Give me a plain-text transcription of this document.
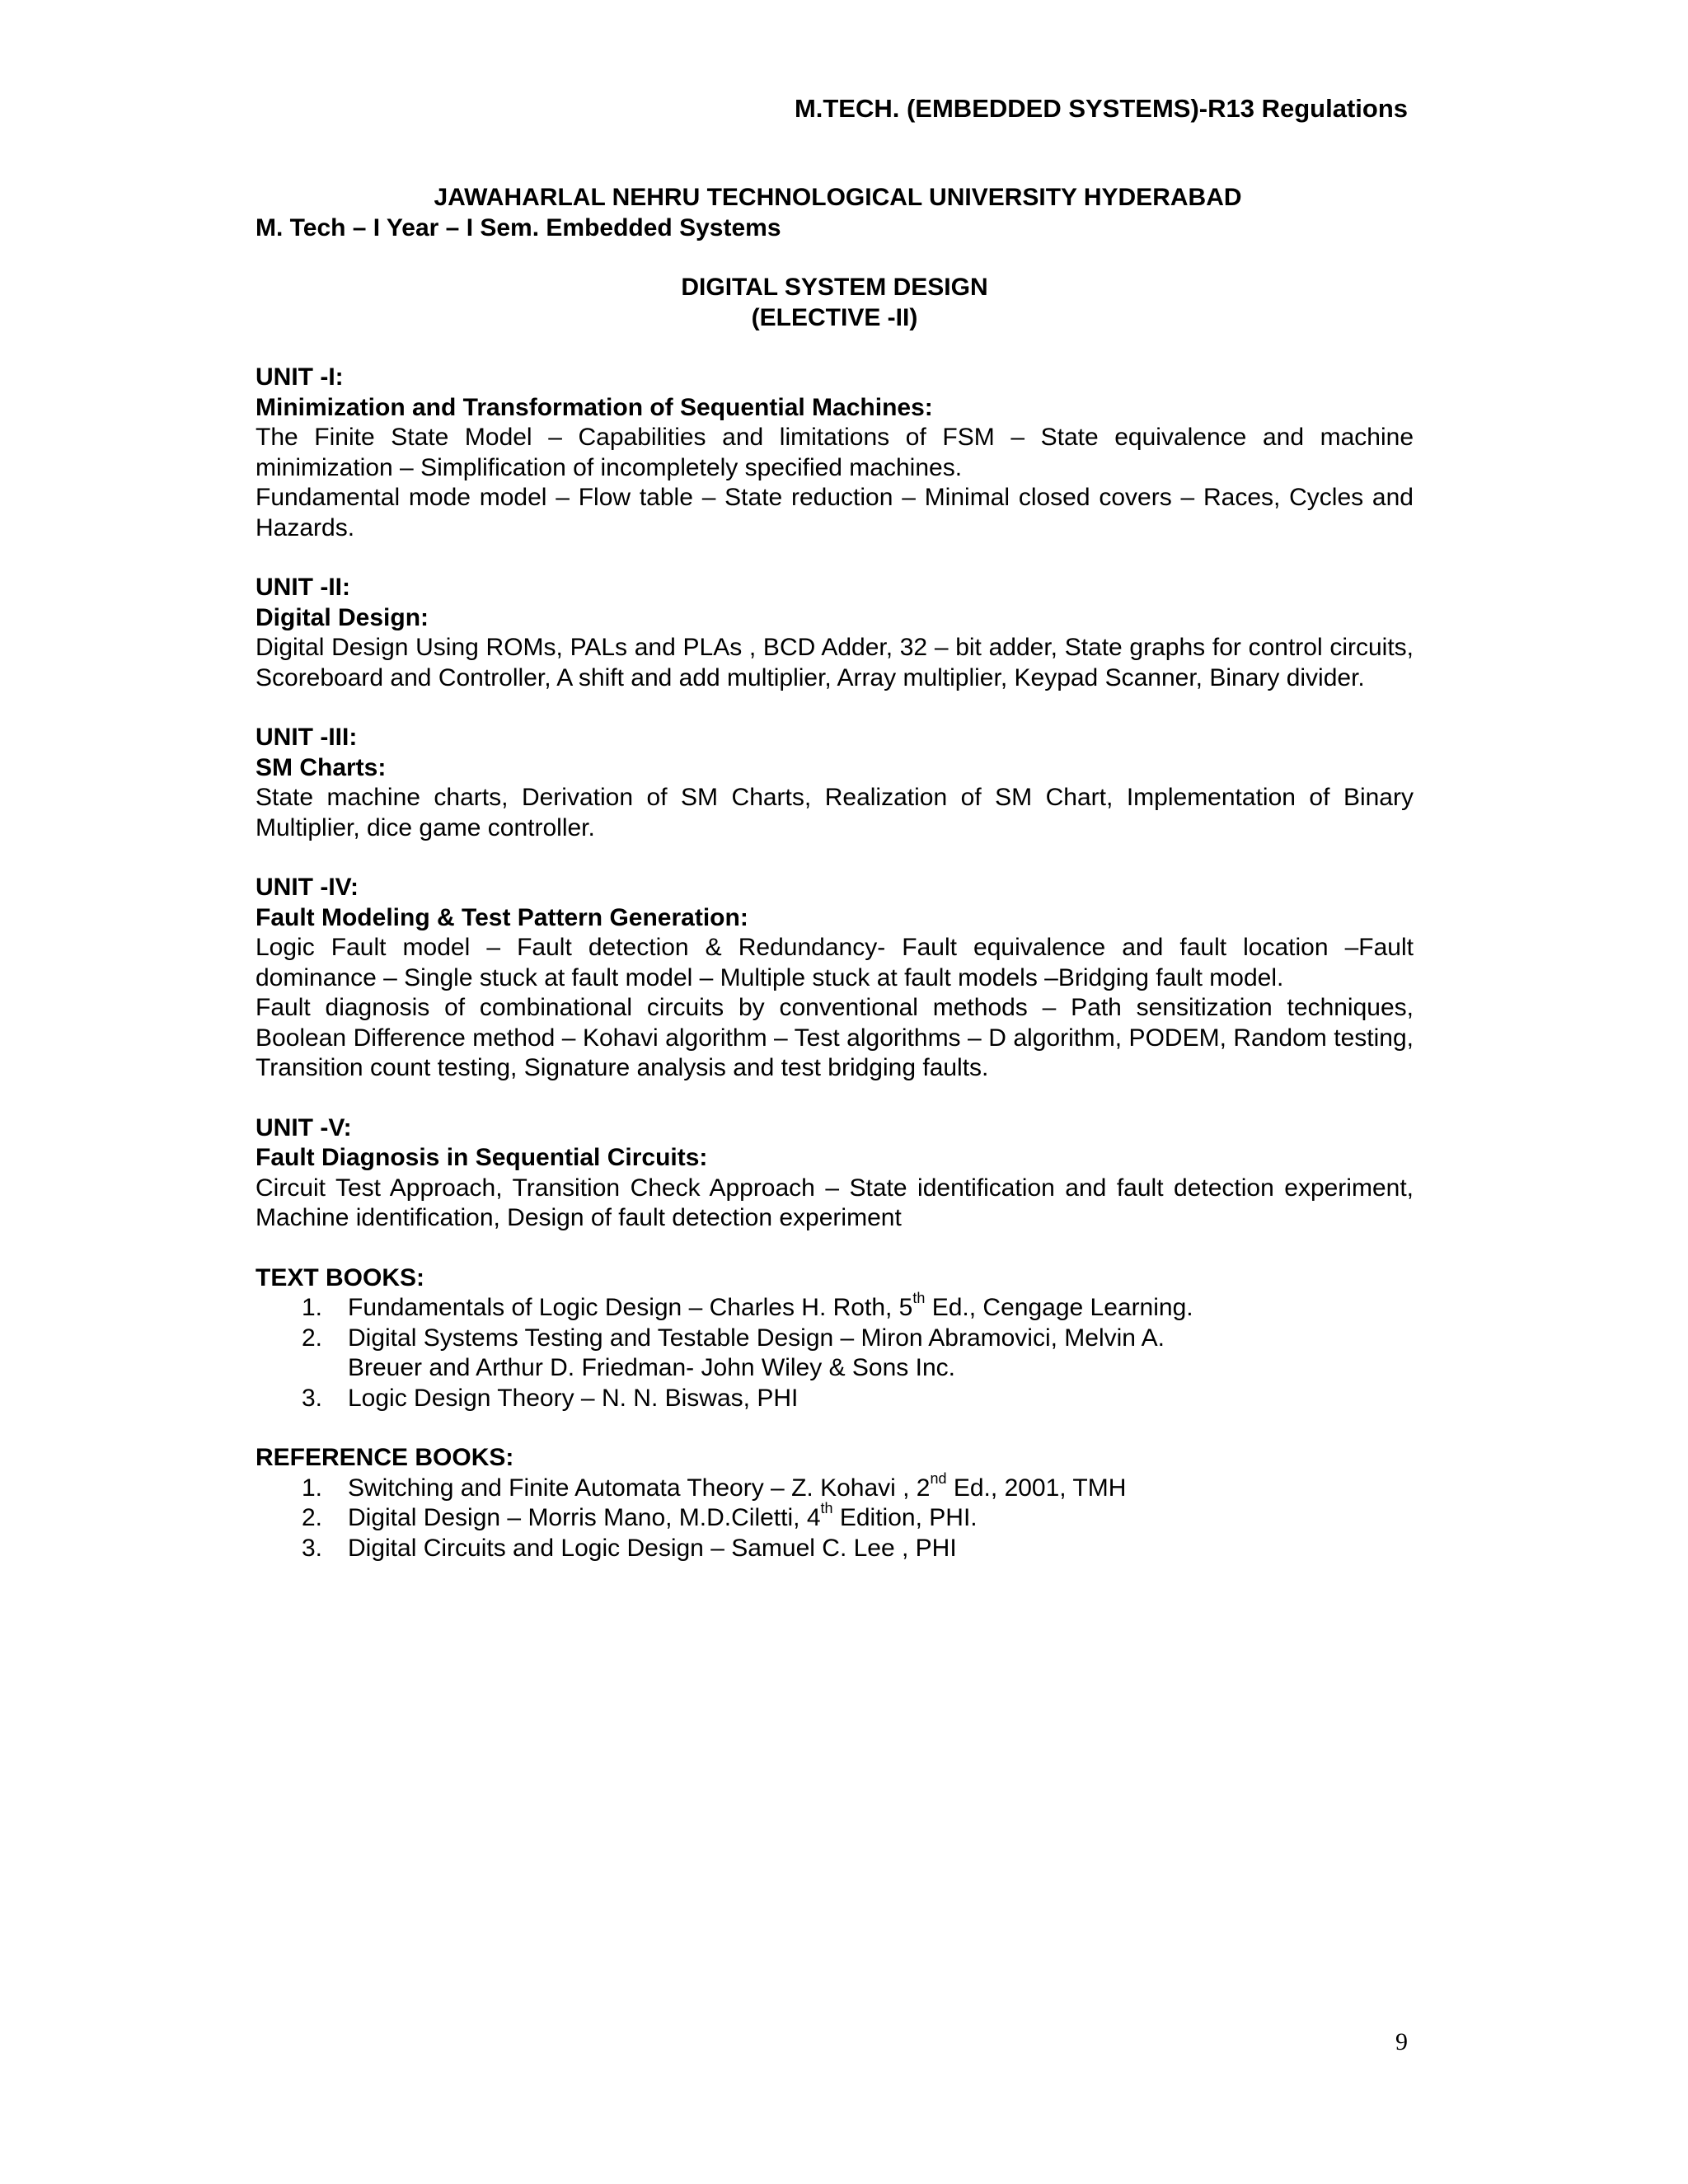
M.TECH. (EMBEDDED SYSTEMS)-R13 Regulations

JAWAHARLAL NEHRU TECHNOLOGICAL UNIVERSITY HYDERABAD

M. Tech – I Year – I Sem. Embedded Systems

DIGITAL SYSTEM DESIGN
(ELECTIVE -II)

UNIT -I:

Minimization and Transformation of Sequential Machines:

The Finite State Model – Capabilities and limitations of FSM – State equivalence and machine minimization – Simplification of incompletely specified machines.

Fundamental mode model – Flow table – State reduction – Minimal closed covers – Races, Cycles and Hazards.

UNIT -II:

Digital Design:

Digital Design Using ROMs, PALs and PLAs , BCD Adder, 32 – bit adder, State graphs for control circuits, Scoreboard and Controller, A shift and add multiplier, Array multiplier, Keypad Scanner, Binary divider.

UNIT -III:

SM Charts:

State machine charts, Derivation of SM Charts, Realization of SM Chart, Implementation of Binary Multiplier, dice game controller.

UNIT -IV:

Fault Modeling & Test Pattern Generation:

Logic Fault model – Fault detection & Redundancy- Fault equivalence and fault location –Fault dominance – Single stuck at fault model – Multiple stuck at fault models –Bridging fault model.

Fault diagnosis of combinational circuits by conventional methods – Path sensitization techniques, Boolean Difference method – Kohavi algorithm – Test algorithms – D algorithm, PODEM, Random testing, Transition count testing, Signature analysis and test bridging faults.

UNIT -V:

Fault Diagnosis in Sequential Circuits:

Circuit Test Approach, Transition Check Approach – State identification and fault detection experiment, Machine identification, Design of fault detection experiment

TEXT BOOKS:

1. Fundamentals of Logic Design – Charles H. Roth, 5th Ed., Cengage Learning.
2. Digital Systems Testing and Testable Design – Miron Abramovici, Melvin A.
Breuer and Arthur D. Friedman- John Wiley & Sons Inc.
3. Logic Design Theory – N. N. Biswas, PHI

REFERENCE BOOKS:

1. Switching and Finite Automata Theory – Z. Kohavi , 2nd Ed., 2001, TMH
2. Digital Design – Morris Mano, M.D.Ciletti, 4th Edition, PHI.
3. Digital Circuits and Logic Design – Samuel C. Lee , PHI
9
